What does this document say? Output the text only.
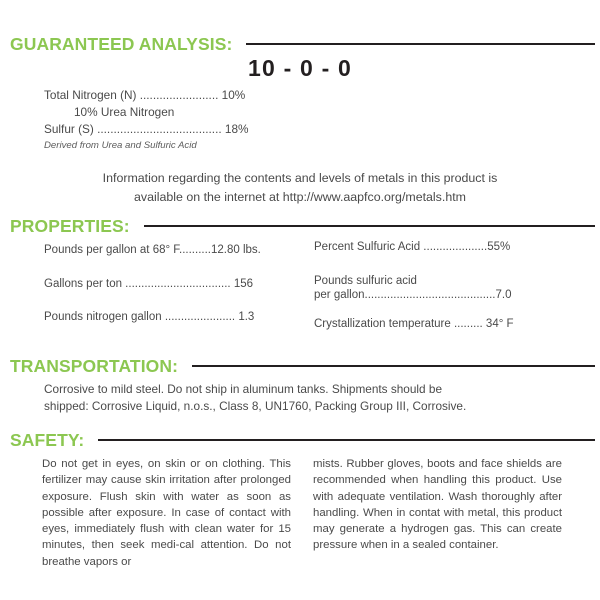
GUARANTEED ANALYSIS:
10 - 0 - 0
Total Nitrogen (N) ........................ 10%
10% Urea Nitrogen
Sulfur (S) ...................................... 18%
Derived from Urea and Sulfuric Acid
Information regarding the contents and levels of metals in this product is
available on the internet at http://www.aapfco.org/metals.htm
PROPERTIES:
Pounds per gallon at 68° F..........12.80 lbs.
Gallons per ton ................................. 156
Pounds nitrogen gallon ...................... 1.3
Percent Sulfuric Acid ....................55%
Pounds sulfuric acid
per gallon.........................................7.0
Crystallization temperature ......... 34° F
TRANSPORTATION:
Corrosive to mild steel. Do not ship in aluminum tanks. Shipments should be
shipped: Corrosive Liquid, n.o.s., Class 8, UN1760, Packing Group III, Corrosive.
SAFETY:

Do not get in eyes, on skin or on clothing. This fertilizer may cause skin irritation after prolonged exposure. Flush skin with water as soon as possible after exposure. In case of contact with eyes, immediately flush with clean water for 15 minutes, then seek medi-cal attention. Do not breathe vapors or

mists. Rubber gloves, boots and face shields are recommended when handling this product. Use with adequate ventilation. Wash thoroughly after handling. When in contat with metal, this product may generate a hydrogen gas. This can create pressure when in a sealed container.
